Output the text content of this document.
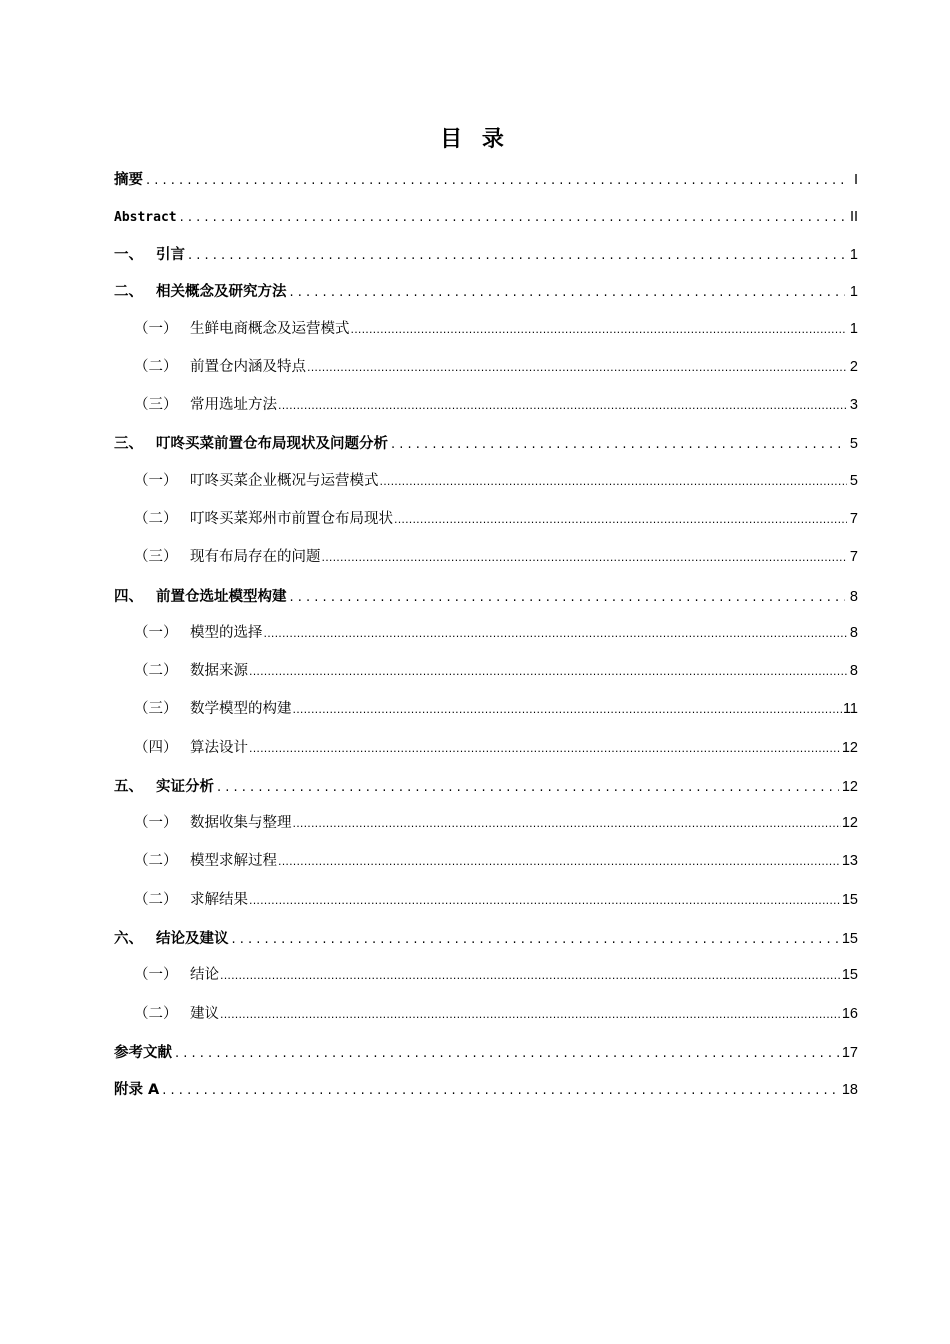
目 录
摘要 . . .	I
Abstract . . .	II
一、 引言 . . .	1
二、 相关概念及研究方法 . . .	1
（一） 生鲜电商概念及运营模式 .....	1
（二） 前置仓内涵及特点 .....	2
（三） 常用选址方法 .....	3
三、 叮咚买菜前置仓布局现状及问题分析 . . .	5
（一） 叮咚买菜企业概况与运营模式 .....	5
（二） 叮咚买菜郑州市前置仓布局现状 .....	7
（三） 现有布局存在的问题 .....	7
四、 前置仓选址模型构建 . . .	8
（一） 模型的选择 .....	8
（二） 数据来源 .....	8
（三） 数学模型的构建 .....	11
（四） 算法设计 .....	12
五、 实证分析 . . .	12
（一） 数据收集与整理 .....	12
（二） 模型求解过程 .....	13
（二） 求解结果 .....	15
六、 结论及建议 . . .	15
（一） 结论 .....	15
（二） 建议 .....	16
参考文献 . . .	17
附录 A . . .	18
